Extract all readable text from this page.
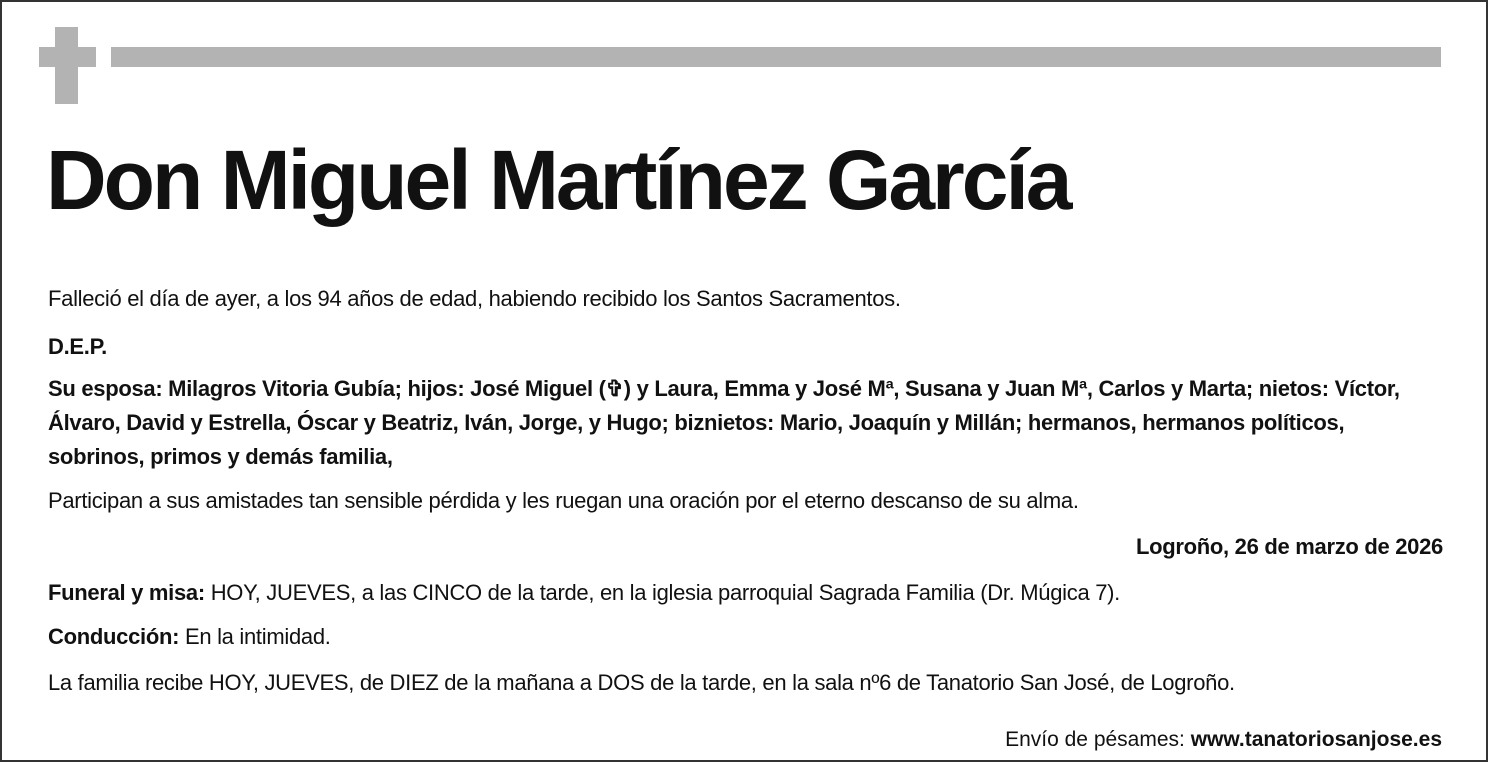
Don Miguel Martínez García
Falleció el día de ayer, a los 94 años de edad, habiendo recibido los Santos Sacramentos.
D.E.P.
Su esposa: Milagros Vitoria Gubía; hijos: José Miguel (✞) y Laura, Emma y José Mª, Susana y Juan Mª, Carlos y Marta; nietos: Víctor, Álvaro, David y Estrella, Óscar y Beatriz, Iván, Jorge, y Hugo; biznietos: Mario, Joaquín y Millán; hermanos, hermanos políticos, sobrinos, primos y demás familia,
Participan a sus amistades tan sensible pérdida y les ruegan una oración por el eterno descanso de su alma.
Logroño, 26 de marzo de 2026
Funeral y misa: HOY, JUEVES, a las CINCO de la tarde, en la iglesia parroquial Sagrada Familia (Dr. Múgica 7).
Conducción: En la intimidad.
La familia recibe HOY, JUEVES, de DIEZ de la mañana a DOS de la tarde, en la sala nº6 de Tanatorio San José, de Logroño.
Envío de pésames: www.tanatoriosanjose.es
